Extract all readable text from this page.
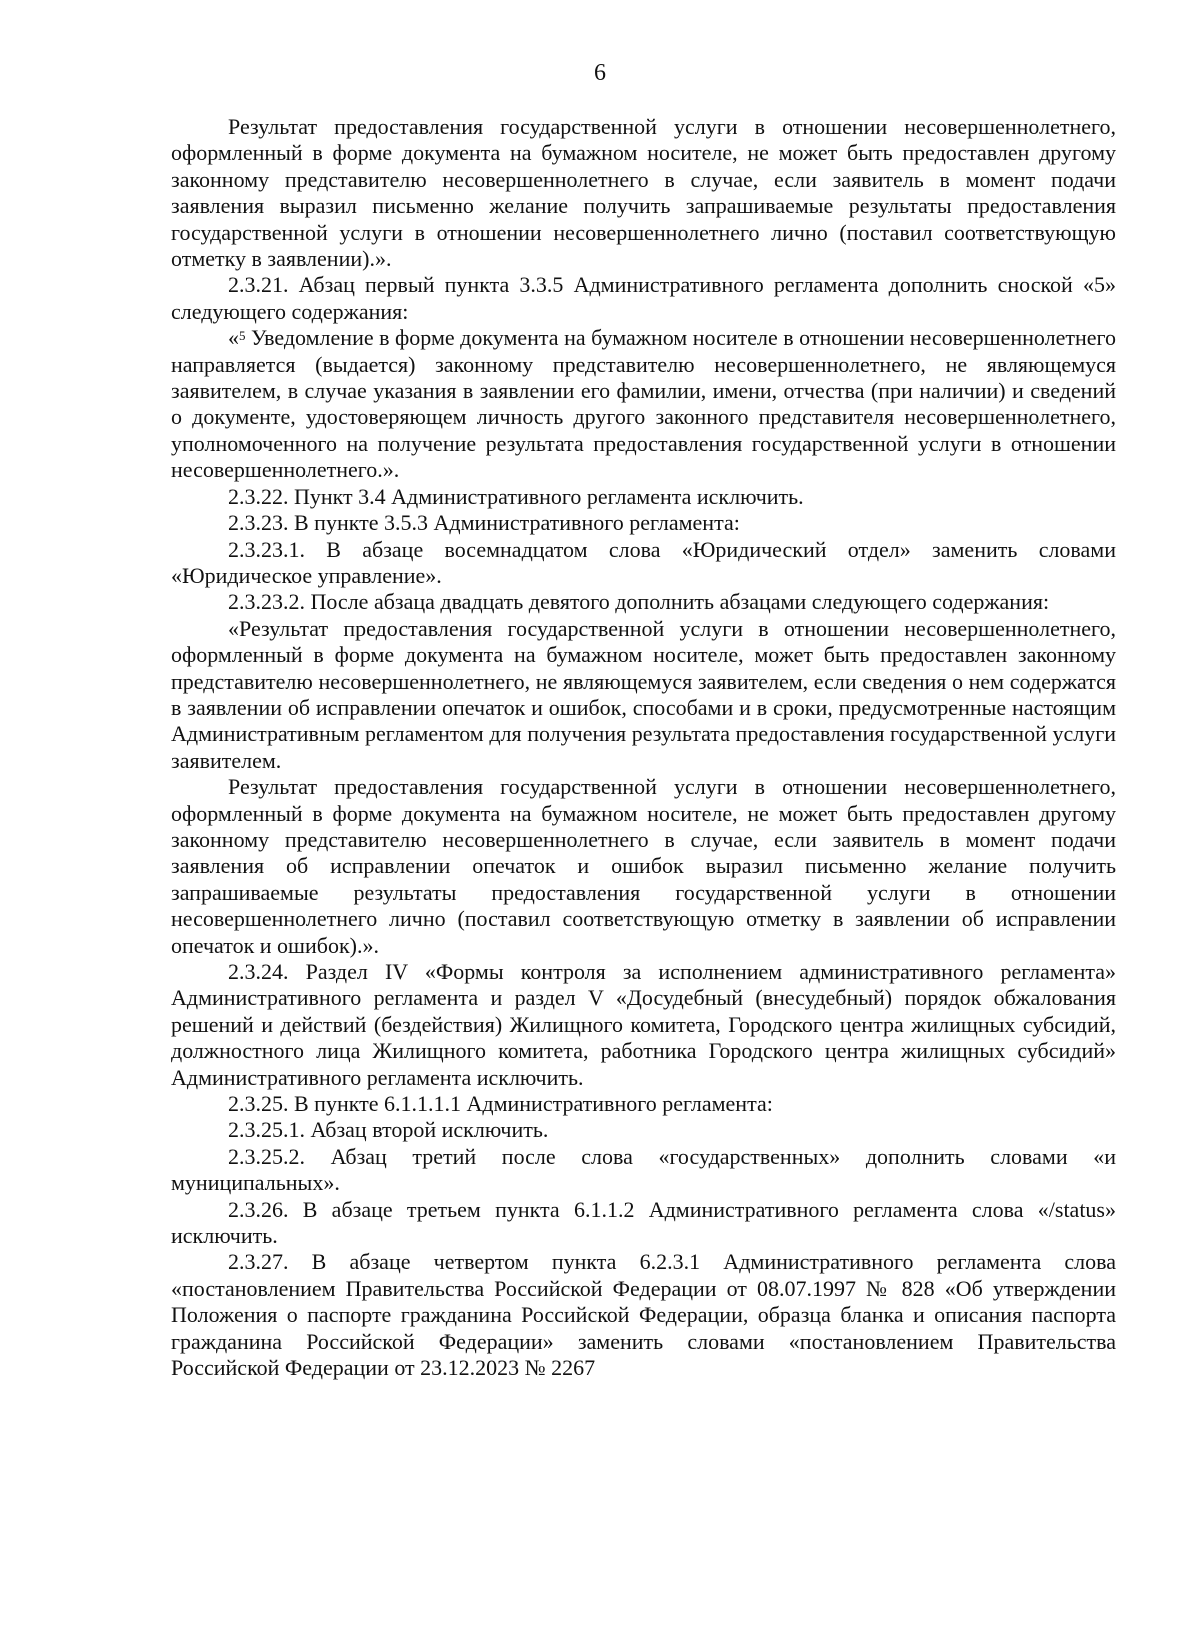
6

Результат предоставления государственной услуги в отношении несовершеннолетнего, оформленный в форме документа на бумажном носителе, не может быть предоставлен другому законному представителю несовершеннолетнего в случае, если заявитель в момент подачи заявления выразил письменно желание получить запрашиваемые результаты предоставления государственной услуги в отношении несовершеннолетнего лично (поставил соответствующую отметку в заявлении).».

2.3.21. Абзац первый пункта 3.3.5 Административного регламента дополнить сноской «5» следующего содержания:

«$^5$ Уведомление в форме документа на бумажном носителе в отношении несовершеннолетнего направляется (выдается) законному представителю несовершеннолетнего, не являющемуся заявителем, в случае указания в заявлении его фамилии, имени, отчества (при наличии) и сведений о документе, удостоверяющем личность другого законного представителя несовершеннолетнего, уполномоченного на получение результата предоставления государственной услуги в отношении несовершеннолетнего.».

2.3.22. Пункт 3.4 Административного регламента исключить.

2.3.23. В пункте 3.5.3 Административного регламента:

2.3.23.1. В абзаце восемнадцатом слова «Юридический отдел» заменить словами «Юридическое управление».

2.3.23.2. После абзаца двадцать девятого дополнить абзацами следующего содержания:

«Результат предоставления государственной услуги в отношении несовершеннолетнего, оформленный в форме документа на бумажном носителе, может быть предоставлен законному представителю несовершеннолетнего, не являющемуся заявителем, если сведения о нем содержатся в заявлении об исправлении опечаток и ошибок, способами и в сроки, предусмотренные настоящим Административным регламентом для получения результата предоставления государственной услуги заявителем.

Результат предоставления государственной услуги в отношении несовершеннолетнего, оформленный в форме документа на бумажном носителе, не может быть предоставлен другому законному представителю несовершеннолетнего в случае, если заявитель в момент подачи заявления об исправлении опечаток и ошибок выразил письменно желание получить запрашиваемые результаты предоставления государственной услуги в отношении несовершеннолетнего лично (поставил соответствующую отметку в заявлении об исправлении опечаток и ошибок).».

2.3.24. Раздел IV «Формы контроля за исполнением административного регламента» Административного регламента и раздел V «Досудебный (внесудебный) порядок обжалования решений и действий (бездействия) Жилищного комитета, Городского центра жилищных субсидий, должностного лица Жилищного комитета, работника Городского центра жилищных субсидий» Административного регламента исключить.

2.3.25. В пункте 6.1.1.1.1 Административного регламента:

2.3.25.1. Абзац второй исключить.

2.3.25.2. Абзац третий после слова «государственных» дополнить словами «и муниципальных».

2.3.26. В абзаце третьем пункта 6.1.1.2 Административного регламента слова «/status» исключить.

2.3.27. В абзаце четвертом пункта 6.2.3.1 Административного регламента слова «постановлением Правительства Российской Федерации от 08.07.1997 № 828 «Об утверждении Положения о паспорте гражданина Российской Федерации, образца бланка и описания паспорта гражданина Российской Федерации» заменить словами «постановлением Правительства Российской Федерации от 23.12.2023 № 2267
